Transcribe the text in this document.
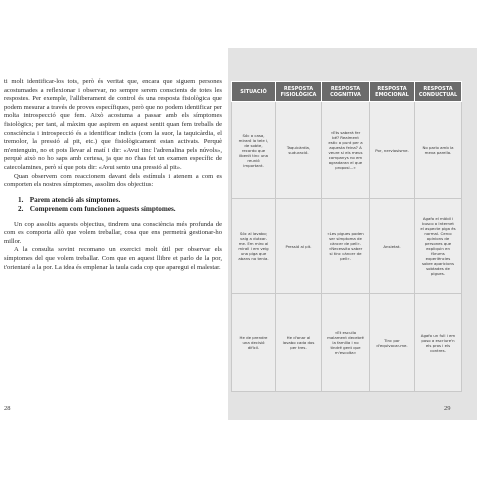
ti molt identificar-los tots, però és veritat que, encara que siguem persones acostumades a reflexionar i observar, no sempre serem conscients de totes les respostes. Per exemple, l'alliberament de control és una resposta fisiològica que podem mesurar a través de proves específiques, però que no podem identificar per molta introspecció que fem. Això acostuma a passar amb els símptomes fisiològics; per tant, al màxim que aspirem en aquest sentit quan fem treballs de consciència i introspecció és a identificar indicis (com la suor, la taquicàrdia, el tremolor, la pressió al pit, etc.) que fisiològicament estan activats. Perquè m'entenguin, no et pots llevar al matí i dir: «Avui tinc l'adrenalina pels núvols», perquè això no ho saps amb certesa, ja que no t'has fet un examen específic de catecolamines, però sí que pots dir: «Avui sento una pressió al pit».

Quan observem com reaccionem davant dels estímuls i atenem a com es comporten els nostres símptomes, assolim dos objectius:

1. Parem atenció als símptomes.
2. Comprenem com funcionen aquests símptomes.

Un cop assolits aquests objectius, tindrem una consciència més profunda de com es comporta allò que volem treballar, cosa que ens permetrà gestionar-ho millor.

A la consulta sovint recomano un exercici molt útil per observar els símptomes del que volem treballar. Com que en aquest llibre et parlo de la por, t'orientaré a la por. La idea és emplenar la taula cada cop que aparegui el malestar.

28
SITUACIÓ	RESPOSTA FISIOLÒGICA	RESPOSTA COGNITIVA	RESPOSTA EMOCIONAL	RESPOSTA CONDUCTUAL
Sóc a casa, miraró la tele i, de sobte, recordo que ilbenit tinc una reunió important.	Taquicàrdia, suduració.	«Ets saberà fer bé? Realment estic a punt per a aquesta feina? A veure si els meus companys no em agradaran el que proposi...»	Por, nerviosisme.	No parlo amb la meva parella.
Sóc al lavabo; vaig a dutxar-me. Em miro al mirall i em veig una piga que abans no tenia.	Pressió al pit.	«Les pigues poden ser símptoma de càncer de pell». «Necessito saber si tinc càncer de pell».	Ansietat.	Agafo el mòbil i busco a Internet el aspecte piga és normal. Cerco opinions de persones que expliquin en fòrums experiències sobre aparicions sobtades de pigues.
He de prendre una decisió difícil.	He d'anar al lavabo cada dos per tres.	«Et escullo malament decebré la família i no tindré gent que m'escolta»	Tinc por d'equivocar-me.	Agafo un full i em poso a escriure'n els pros i els contres.
29
